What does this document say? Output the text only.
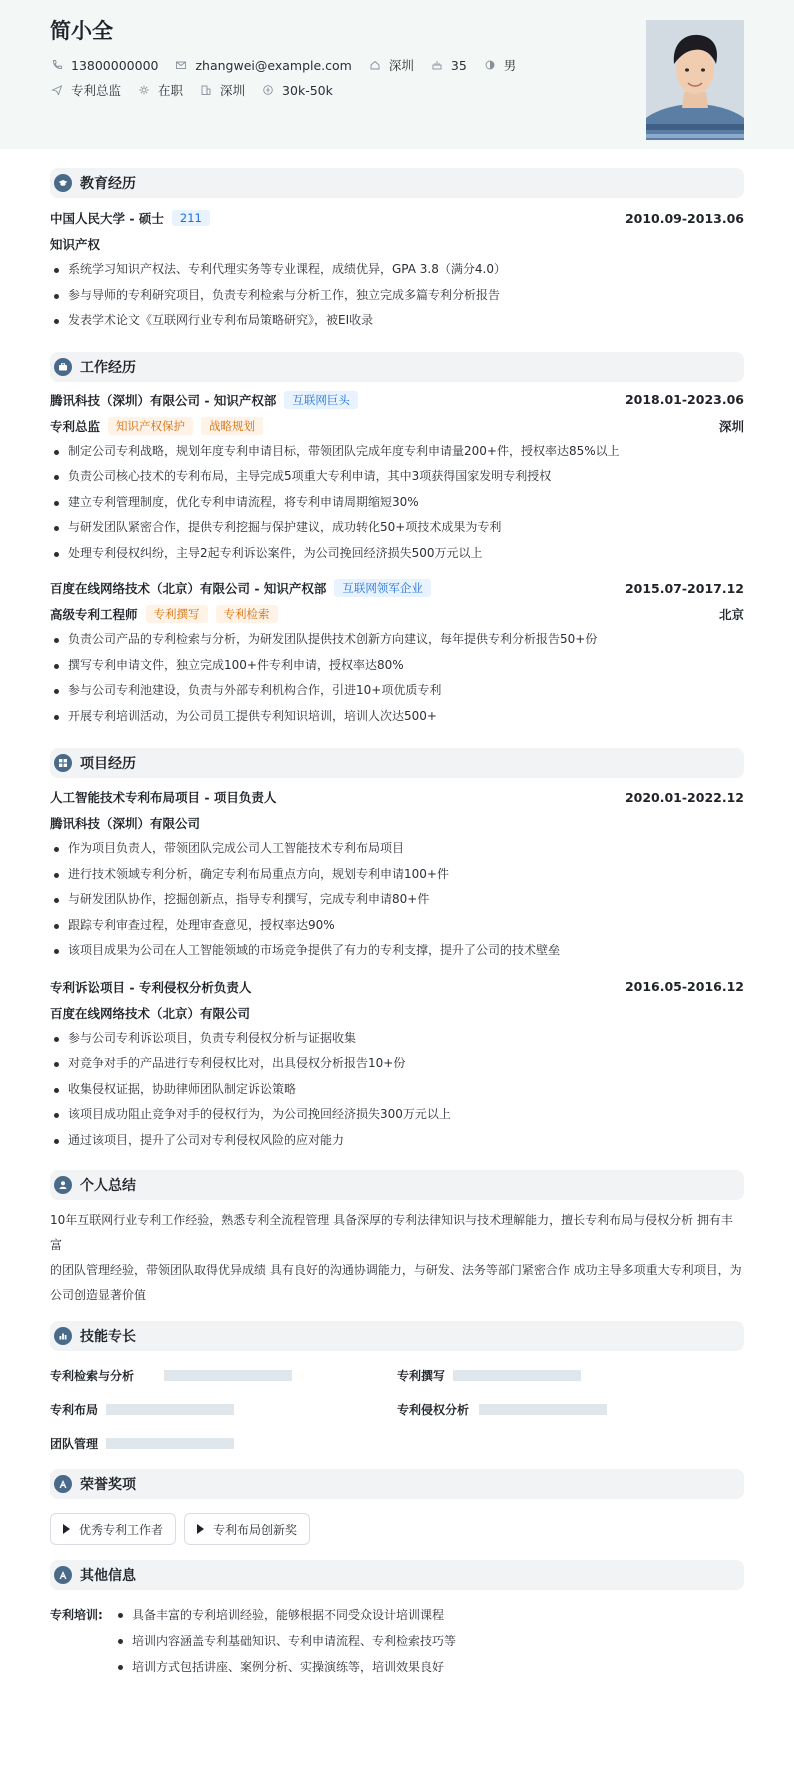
简小全
13800000000	zhangwei@example.com	深圳	35	男
专利总监	在职	深圳	30k-50k
教育经历
中国人民大学 - 硕士	211	2010.09-2013.06
知识产权
系统学习知识产权法、专利代理实务等专业课程，成绩优异，GPA 3.8（满分4.0）
参与导师的专利研究项目，负责专利检索与分析工作，独立完成多篇专利分析报告
发表学术论文《互联网行业专利布局策略研究》，被EI收录
工作经历
腾讯科技（深圳）有限公司 - 知识产权部	互联网巨头	2018.01-2023.06
专利总监	知识产权保护	战略规划	深圳
制定公司专利战略，规划年度专利申请目标，带领团队完成年度专利申请量200+件，授权率达85%以上
负责公司核心技术的专利布局，主导完成5项重大专利申请，其中3项获得国家发明专利授权
建立专利管理制度，优化专利申请流程，将专利申请周期缩短30%
与研发团队紧密合作，提供专利挖掘与保护建议，成功转化50+项技术成果为专利
处理专利侵权纠纷，主导2起专利诉讼案件，为公司挽回经济损失500万元以上
百度在线网络技术（北京）有限公司 - 知识产权部	互联网领军企业	2015.07-2017.12
高级专利工程师	专利撰写	专利检索	北京
负责公司产品的专利检索与分析，为研发团队提供技术创新方向建议，每年提供专利分析报告50+份
撰写专利申请文件，独立完成100+件专利申请，授权率达80%
参与公司专利池建设，负责与外部专利机构合作，引进10+项优质专利
开展专利培训活动，为公司员工提供专利知识培训，培训人次达500+
项目经历
人工智能技术专利布局项目 - 项目负责人	2020.01-2022.12
腾讯科技（深圳）有限公司
作为项目负责人，带领团队完成公司人工智能技术专利布局项目
进行技术领域专利分析，确定专利布局重点方向，规划专利申请100+件
与研发团队协作，挖掘创新点，指导专利撰写，完成专利申请80+件
跟踪专利审查过程，处理审查意见，授权率达90%
该项目成果为公司在人工智能领域的市场竞争提供了有力的专利支撑，提升了公司的技术壁垒
专利诉讼项目 - 专利侵权分析负责人	2016.05-2016.12
百度在线网络技术（北京）有限公司
参与公司专利诉讼项目，负责专利侵权分析与证据收集
对竞争对手的产品进行专利侵权比对，出具侵权分析报告10+份
收集侵权证据，协助律师团队制定诉讼策略
该项目成功阻止竞争对手的侵权行为，为公司挽回经济损失300万元以上
通过该项目，提升了公司对专利侵权风险的应对能力
个人总结
10年互联网行业专利工作经验，熟悉专利全流程管理 具备深厚的专利法律知识与技术理解能力，擅长专利布局与侵权分析 拥有丰富
的团队管理经验，带领团队取得优异成绩 具有良好的沟通协调能力，与研发、法务等部门紧密合作 成功主导多项重大专利项目，为
公司创造显著价值
技能专长
专利检索与分析	专利撰写
专利布局	专利侵权分析
团队管理
荣誉奖项
优秀专利工作者	专利布局创新奖
其他信息
专利培训:	具备丰富的专利培训经验，能够根据不同受众设计培训课程
培训内容涵盖专利基础知识、专利申请流程、专利检索技巧等
培训方式包括讲座、案例分析、实操演练等，培训效果良好
